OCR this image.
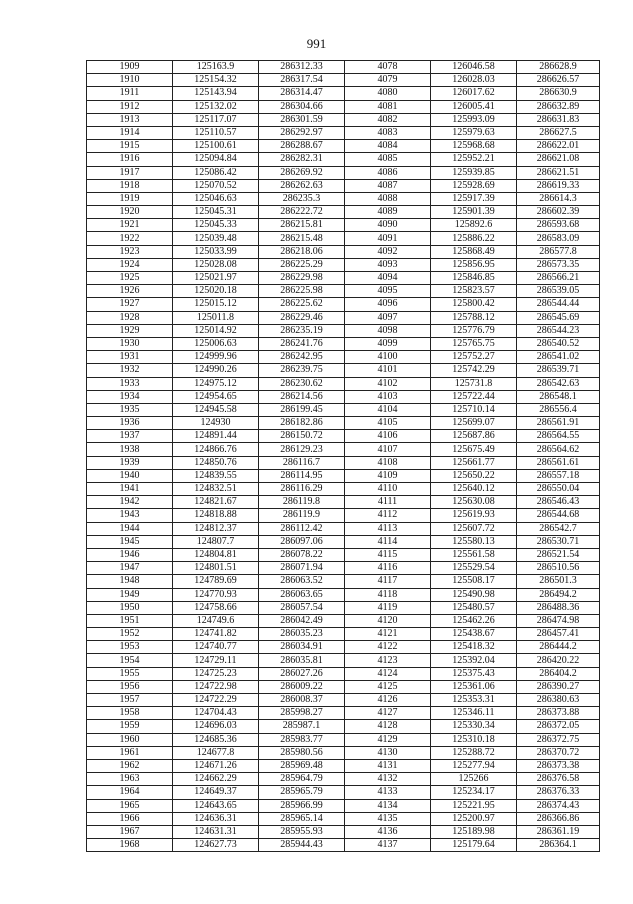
991
1909	125163.9	286312.33	4078	126046.58	286628.9
1910	125154.32	286317.54	4079	126028.03	286626.57
1911	125143.94	286314.47	4080	126017.62	286630.9
1912	125132.02	286304.66	4081	126005.41	286632.89
1913	125117.07	286301.59	4082	125993.09	286631.83
1914	125110.57	286292.97	4083	125979.63	286627.5
1915	125100.61	286288.67	4084	125968.68	286622.01
1916	125094.84	286282.31	4085	125952.21	286621.08
1917	125086.42	286269.92	4086	125939.85	286621.51
1918	125070.52	286262.63	4087	125928.69	286619.33
1919	125046.63	286235.3	4088	125917.39	286614.3
1920	125045.31	286222.72	4089	125901.39	286602.39
1921	125045.33	286215.81	4090	125892.6	286593.68
1922	125039.48	286215.48	4091	125886.22	286583.09
1923	125033.99	286218.06	4092	125868.49	286577.8
1924	125028.08	286225.29	4093	125856.95	286573.35
1925	125021.97	286229.98	4094	125846.85	286566.21
1926	125020.18	286225.98	4095	125823.57	286539.05
1927	125015.12	286225.62	4096	125800.42	286544.44
1928	125011.8	286229.46	4097	125788.12	286545.69
1929	125014.92	286235.19	4098	125776.79	286544.23
1930	125006.63	286241.76	4099	125765.75	286540.52
1931	124999.96	286242.95	4100	125752.27	286541.02
1932	124990.26	286239.75	4101	125742.29	286539.71
1933	124975.12	286230.62	4102	125731.8	286542.63
1934	124954.65	286214.56	4103	125722.44	286548.1
1935	124945.58	286199.45	4104	125710.14	286556.4
1936	124930	286182.86	4105	125699.07	286561.91
1937	124891.44	286150.72	4106	125687.86	286564.55
1938	124866.76	286129.23	4107	125675.49	286564.62
1939	124850.76	286116.7	4108	125661.77	286561.61
1940	124839.55	286114.95	4109	125650.22	286557.18
1941	124832.51	286116.29	4110	125640.12	286550.04
1942	124821.67	286119.8	4111	125630.08	286546.43
1943	124818.88	286119.9	4112	125619.93	286544.68
1944	124812.37	286112.42	4113	125607.72	286542.7
1945	124807.7	286097.06	4114	125580.13	286530.71
1946	124804.81	286078.22	4115	125561.58	286521.54
1947	124801.51	286071.94	4116	125529.54	286510.56
1948	124789.69	286063.52	4117	125508.17	286501.3
1949	124770.93	286063.65	4118	125490.98	286494.2
1950	124758.66	286057.54	4119	125480.57	286488.36
1951	124749.6	286042.49	4120	125462.26	286474.98
1952	124741.82	286035.23	4121	125438.67	286457.41
1953	124740.77	286034.91	4122	125418.32	286444.2
1954	124729.11	286035.81	4123	125392.04	286420.22
1955	124725.23	286027.26	4124	125375.43	286404.2
1956	124722.98	286009.22	4125	125361.06	286390.27
1957	124722.29	286008.37	4126	125353.31	286380.63
1958	124704.43	285998.27	4127	125346.11	286373.88
1959	124696.03	285987.1	4128	125330.34	286372.05
1960	124685.36	285983.77	4129	125310.18	286372.75
1961	124677.8	285980.56	4130	125288.72	286370.72
1962	124671.26	285969.48	4131	125277.94	286373.38
1963	124662.29	285964.79	4132	125266	286376.58
1964	124649.37	285965.79	4133	125234.17	286376.33
1965	124643.65	285966.99	4134	125221.95	286374.43
1966	124636.31	285965.14	4135	125200.97	286366.86
1967	124631.31	285955.93	4136	125189.98	286361.19
1968	124627.73	285944.43	4137	125179.64	286364.1
